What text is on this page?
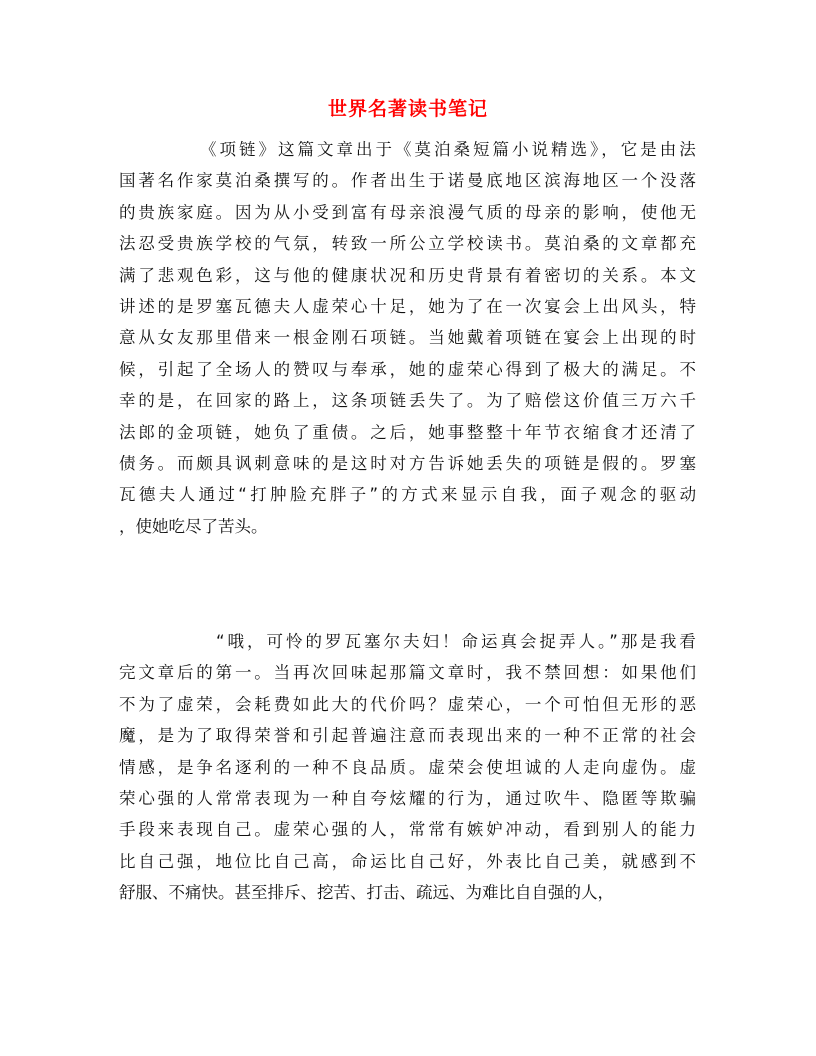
世界名著读书笔记
《项链》这篇文章出于《莫泊桑短篇小说精选》，它是由法
国著名作家莫泊桑撰写的。作者出生于诺曼底地区滨海地区一个没落
的贵族家庭。因为从小受到富有母亲浪漫气质的母亲的影响，使他无
法忍受贵族学校的气氛，转致一所公立学校读书。莫泊桑的文章都充
满了悲观色彩，这与他的健康状况和历史背景有着密切的关系。本文
讲述的是罗塞瓦德夫人虚荣心十足，她为了在一次宴会上出风头，特
意从女友那里借来一根金刚石项链。当她戴着项链在宴会上出现的时
候，引起了全场人的赞叹与奉承，她的虚荣心得到了极大的满足。不
幸的是，在回家的路上，这条项链丢失了。为了赔偿这价值三万六千
法郎的金项链，她负了重债。之后，她事整整十年节衣缩食才还清了
债务。而颇具讽刺意味的是这时对方告诉她丢失的项链是假的。罗塞
瓦德夫人通过“打肿脸充胖子”的方式来显示自我，面子观念的驱动
，使她吃尽了苦头。
“哦，可怜的罗瓦塞尔夫妇！命运真会捉弄人。”那是我看
完文章后的第一。当再次回味起那篇文章时，我不禁回想：如果他们
不为了虚荣，会耗费如此大的代价吗？虚荣心，一个可怕但无形的恶
魔，是为了取得荣誉和引起普遍注意而表现出来的一种不正常的社会
情感，是争名逐利的一种不良品质。虚荣会使坦诚的人走向虚伪。虚
荣心强的人常常表现为一种自夸炫耀的行为，通过吹牛、隐匿等欺骗
手段来表现自己。虚荣心强的人，常常有嫉妒冲动，看到别人的能力
比自己强，地位比自己高，命运比自己好，外表比自己美，就感到不
舒服、不痛快。甚至排斥、挖苦、打击、疏远、为难比自自强的人，
